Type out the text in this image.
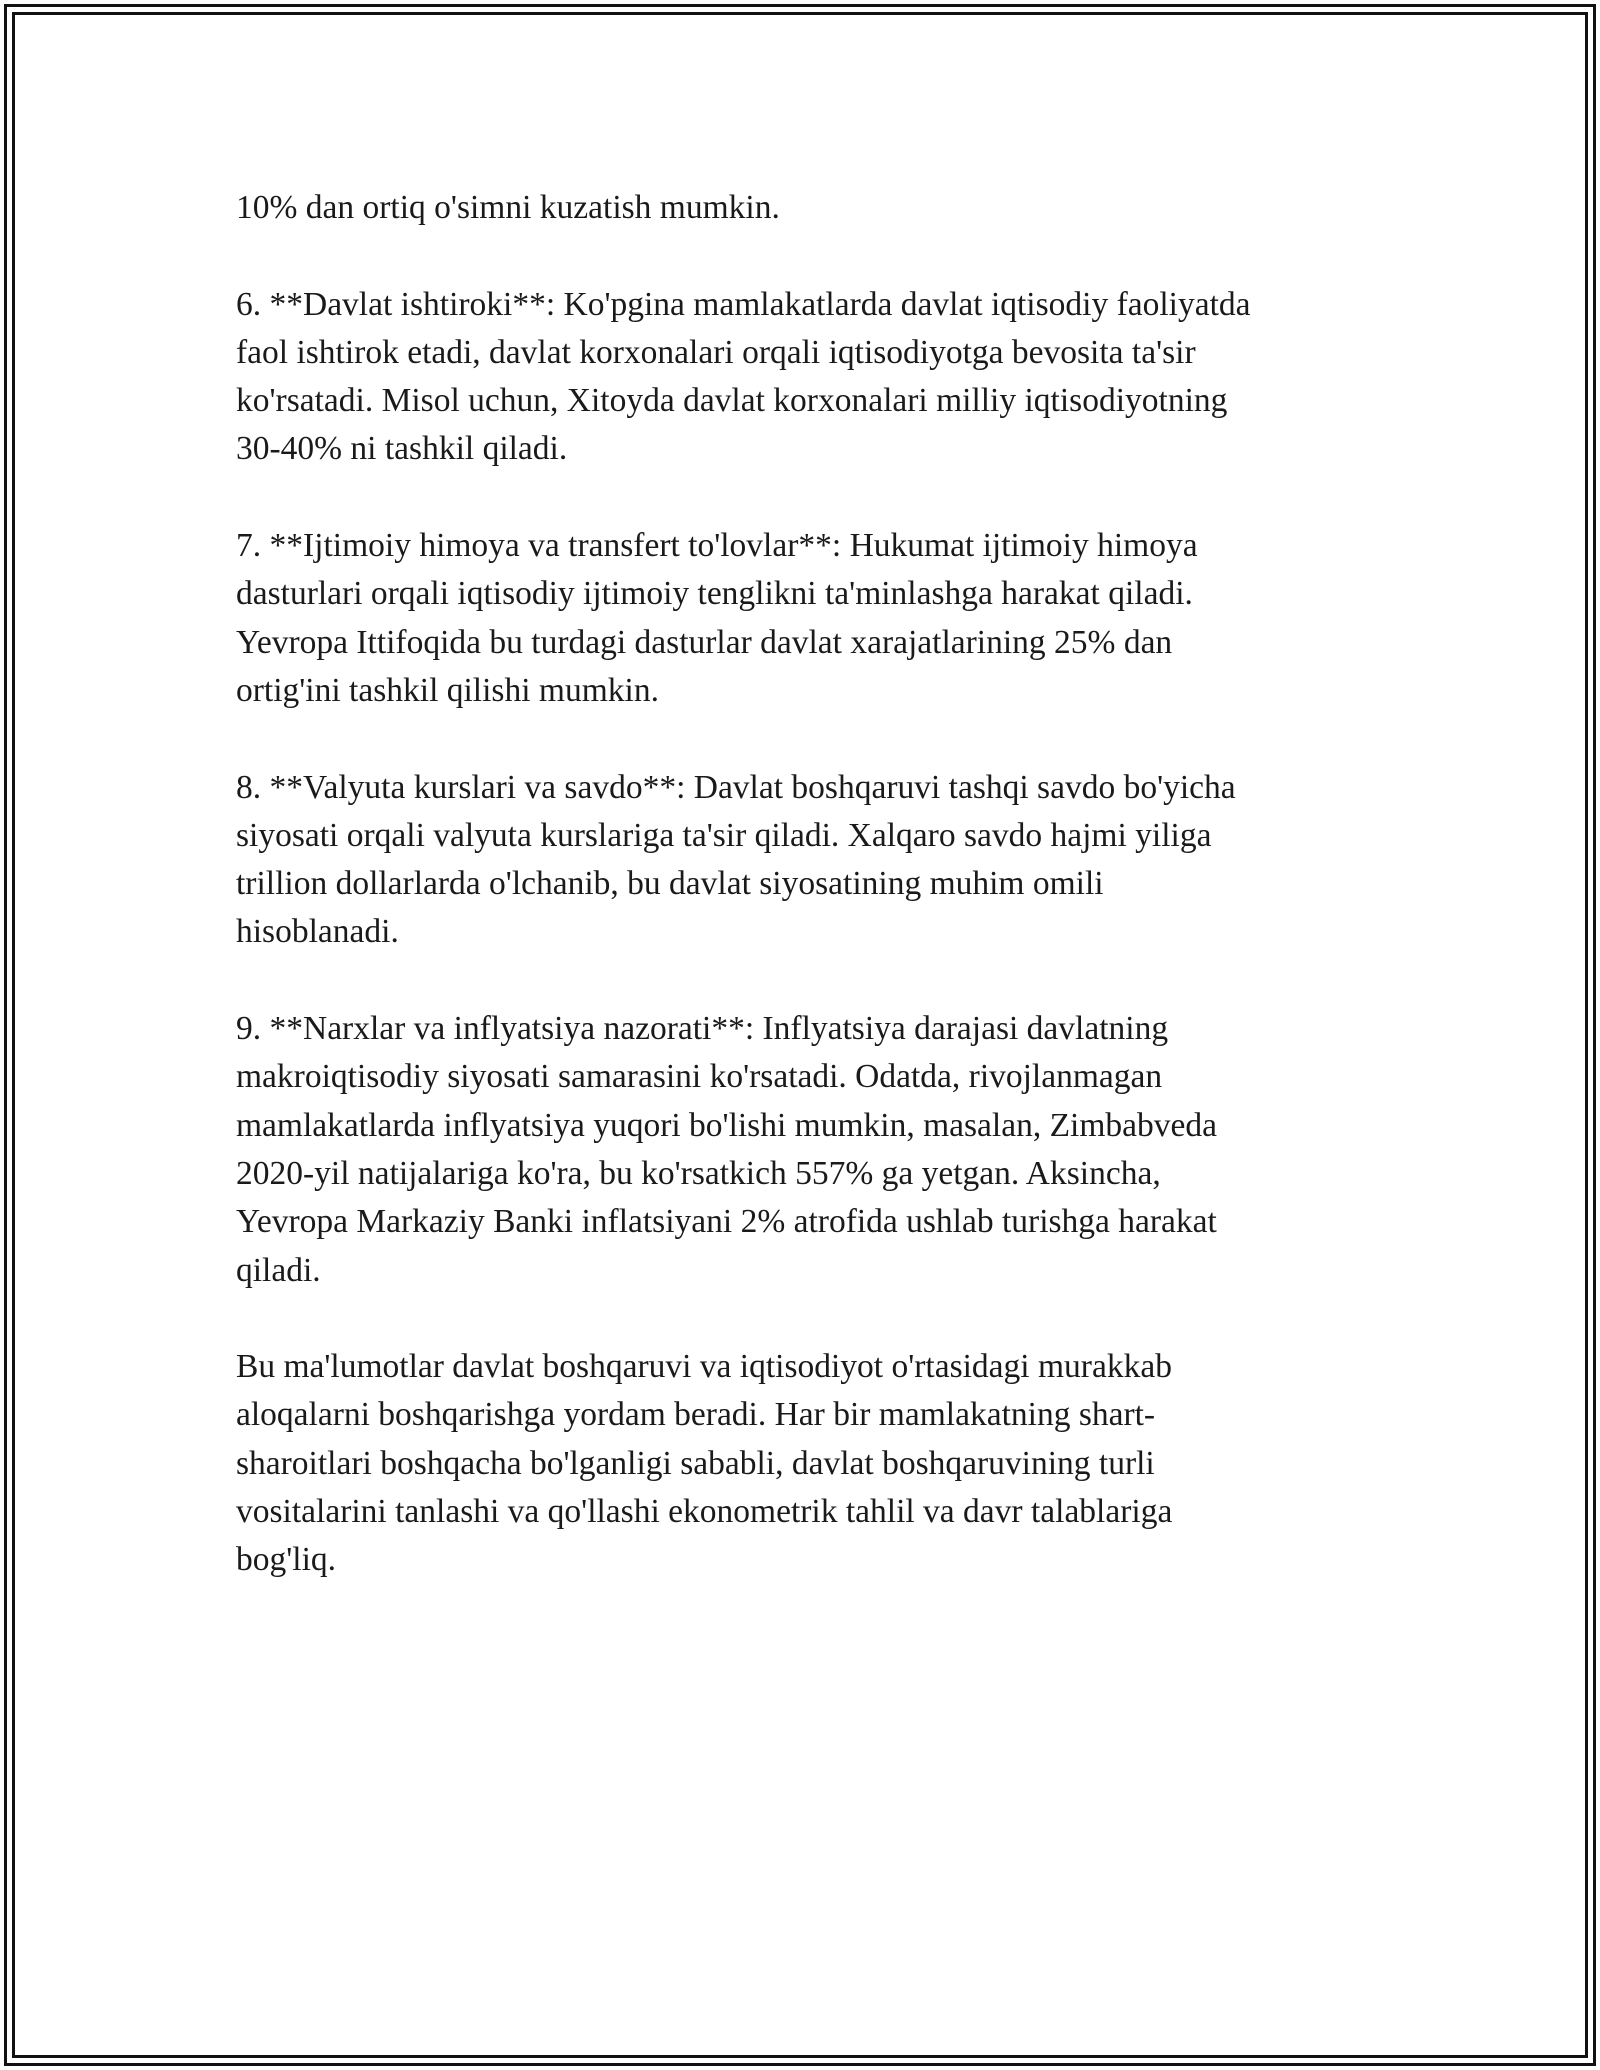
10% dan ortiq o'simni kuzatish mumkin.

6. **Davlat ishtiroki**: Ko'pgina mamlakatlarda davlat iqtisodiy faoliyatda
faol ishtirok etadi, davlat korxonalari orqali iqtisodiyotga bevosita ta'sir
ko'rsatadi. Misol uchun, Xitoyda davlat korxonalari milliy iqtisodiyotning
30-40% ni tashkil qiladi.

7. **Ijtimoiy himoya va transfert to'lovlar**: Hukumat ijtimoiy himoya
dasturlari orqali iqtisodiy ijtimoiy tenglikni ta'minlashga harakat qiladi.
Yevropa Ittifoqida bu turdagi dasturlar davlat xarajatlarining 25% dan
ortig'ini tashkil qilishi mumkin.

8. **Valyuta kurslari va savdo**: Davlat boshqaruvi tashqi savdo bo'yicha
siyosati orqali valyuta kurslariga ta'sir qiladi. Xalqaro savdo hajmi yiliga
trillion dollarlarda o'lchanib, bu davlat siyosatining muhim omili
hisoblanadi.

9. **Narxlar va inflyatsiya nazorati**: Inflyatsiya darajasi davlatning
makroiqtisodiy siyosati samarasini ko'rsatadi. Odatda, rivojlanmagan
mamlakatlarda inflyatsiya yuqori bo'lishi mumkin, masalan, Zimbabveda
2020-yil natijalariga ko'ra, bu ko'rsatkich 557% ga yetgan. Aksincha,
Yevropa Markaziy Banki inflatsiyani 2% atrofida ushlab turishga harakat
qiladi.

Bu ma'lumotlar davlat boshqaruvi va iqtisodiyot o'rtasidagi murakkab
aloqalarni boshqarishga yordam beradi. Har bir mamlakatning shart-
sharoitlari boshqacha bo'lganligi sababli, davlat boshqaruvining turli
vositalarini tanlashi va qo'llashi ekonometrik tahlil va davr talablariga
bog'liq.
